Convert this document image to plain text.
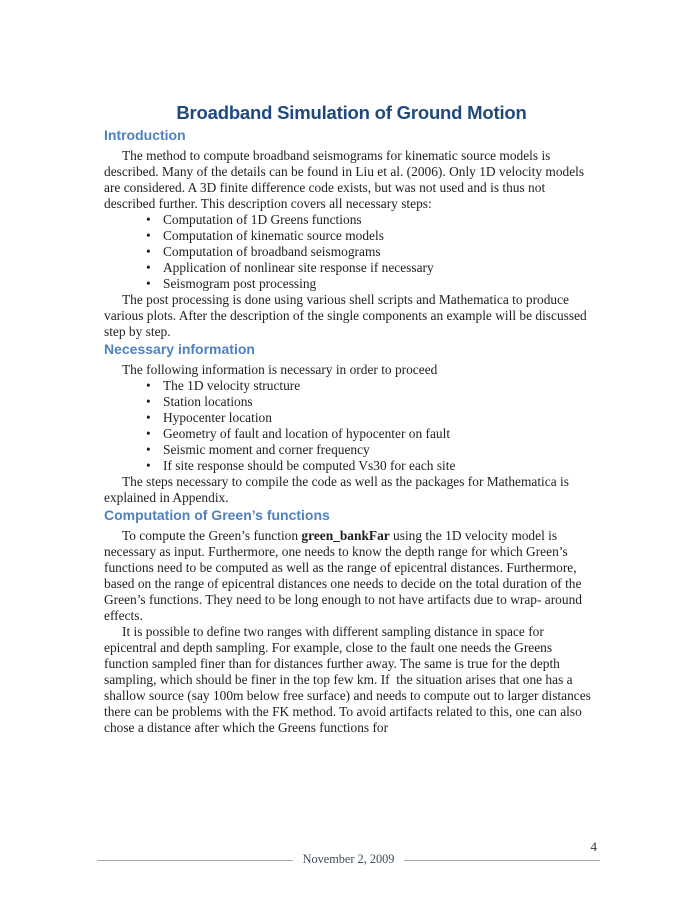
Broadband Simulation of Ground Motion
Introduction

The method to compute broadband seismograms for kinematic source models is described. Many of the details can be found in Liu et al. (2006). Only 1D velocity models are considered. A 3D finite difference code exists, but was not used and is thus not described further. This description covers all necessary steps:

• Computation of 1D Greens functions
• Computation of kinematic source models
• Computation of broadband seismograms
• Application of nonlinear site response if necessary
• Seismogram post processing

The post processing is done using various shell scripts and Mathematica to produce various plots. After the description of the single components an example will be discussed step by step.

Necessary information

The following information is necessary in order to proceed

• The 1D velocity structure
• Station locations
• Hypocenter location
• Geometry of fault and location of hypocenter on fault
• Seismic moment and corner frequency
• If site response should be computed Vs30 for each site

The steps necessary to compile the code as well as the packages for Mathematica is explained in Appendix.

Computation of Green’s functions

To compute the Green’s function green_bankFar using the 1D velocity model is necessary as input. Furthermore, one needs to know the depth range for which Green’s functions need to be computed as well as the range of epicentral distances. Furthermore, based on the range of epicentral distances one needs to decide on the total duration of the Green’s functions. They need to be long enough to not have artifacts due to wrap- around effects.

It is possible to define two ranges with different sampling distance in space for epicentral and depth sampling. For example, close to the fault one needs the Greens function sampled finer than for distances further away. The same is true for the depth sampling, which should be finer in the top few km. If  the situation arises that one has a shallow source (say 100m below free surface) and needs to compute out to larger distances there can be problems with the FK method. To avoid artifacts related to this, one can also chose a distance after which the Greens functions for

4
November 2, 2009
